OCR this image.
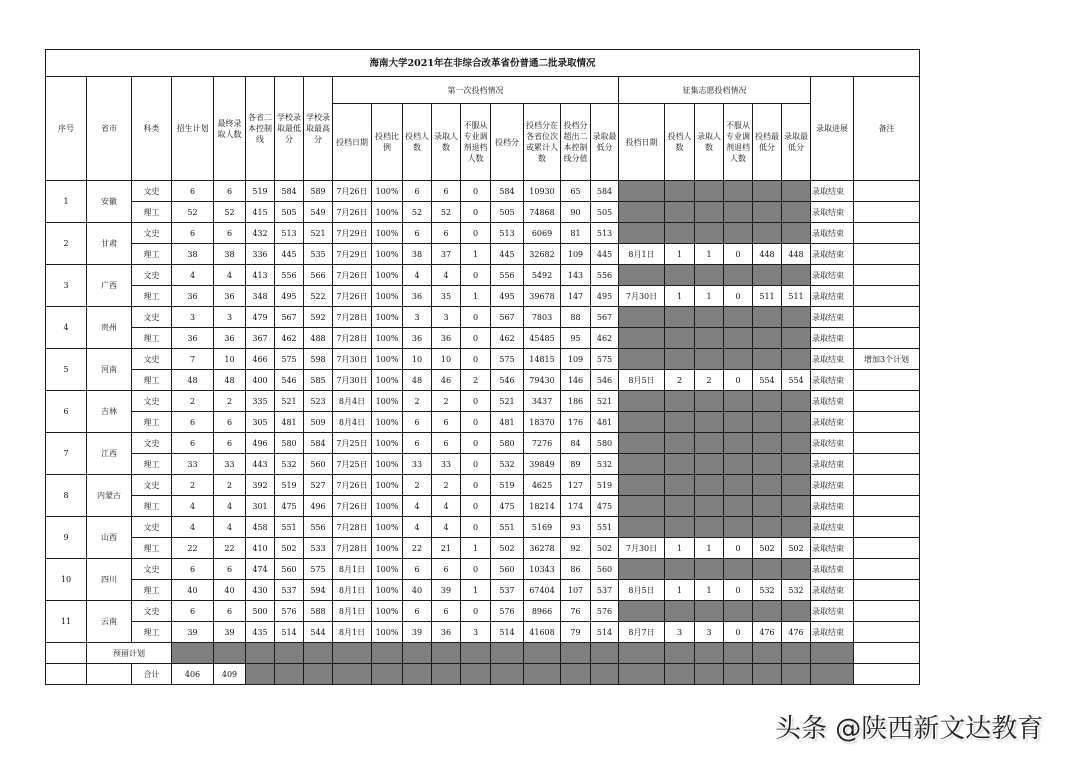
海南大学2021年在非综合改革省份普通二批录取情况																								
序号	省市	科类	招生计划	最终录取人数	各省二本控制线	学校录取最低分	学校录取最高分	第一次投档情况									征集志愿投档情况						录取进展	备注
								投档日期	投档比例	投档人数	录取人数	不服从专业调剂退档人数	投档分	投档分在各省位次或累计人数	投档分超出二本控制线分值	录取最低分	投档日期	投档人数	录取人数	不服从专业调剂退档人数	投档最低分	录取最低分		
1	安徽	文史	6	6	519	584	589	7月26日	100%	6	6	0	584	10930	65	584							录取结束	
		理工	52	52	415	505	549	7月26日	100%	52	52	0	505	74868	90	505							录取结束	
2	甘肃	文史	6	6	432	513	521	7月29日	100%	6	6	0	513	6069	81	513							录取结束	
		理工	38	38	336	445	535	7月29日	100%	38	37	1	445	32682	109	445	8月1日	1	1	0	448	448	录取结束	
3	广西	文史	4	4	413	556	566	7月26日	100%	4	4	0	556	5492	143	556							录取结束	
		理工	36	36	348	495	522	7月26日	100%	36	35	1	495	39678	147	495	7月30日	1	1	0	511	511	录取结束	
4	贵州	文史	3	3	479	567	592	7月28日	100%	3	3	0	567	7803	88	567							录取结束	
		理工	36	36	367	462	488	7月28日	100%	36	36	0	462	45485	95	462							录取结束	
5	河南	文史	7	10	466	575	598	7月30日	100%	10	10	0	575	14815	109	575							录取结束	增加3个计划
		理工	48	48	400	546	585	7月30日	100%	48	46	2	546	79430	146	546	8月5日	2	2	0	554	554	录取结束	
6	吉林	文史	2	2	335	521	523	8月4日	100%	2	2	0	521	3437	186	521							录取结束	
		理工	6	6	305	481	509	8月4日	100%	6	6	0	481	18370	176	481							录取结束	
7	江西	文史	6	6	496	580	584	7月25日	100%	6	6	0	580	7276	84	580							录取结束	
		理工	33	33	443	532	560	7月25日	100%	33	33	0	532	39849	89	532							录取结束	
8	内蒙古	文史	2	2	392	519	527	7月26日	100%	2	2	0	519	4625	127	519							录取结束	
		理工	4	4	301	475	496	7月26日	100%	4	4	0	475	18214	174	475							录取结束	
9	山西	文史	4	4	458	551	556	7月28日	100%	4	4	0	551	5169	93	551							录取结束	
		理工	22	22	410	502	533	7月28日	100%	22	21	1	502	36278	92	502	7月30日	1	1	0	502	502	录取结束	
10	四川	文史	6	6	474	560	575	8月1日	100%	6	6	0	560	10343	86	560							录取结束	
		理工	40	40	430	537	594	8月1日	100%	40	39	1	537	67404	107	537	8月5日	1	1	0	532	532	录取结束	
11	云南	文史	6	6	500	576	588	8月1日	100%	6	6	0	576	8966	76	576							录取结束	
		理工	39	39	435	514	544	8月1日	100%	39	36	3	514	41608	79	514	8月7日	3	3	0	476	476	录取结束	
	预留计划																							
		合计	406	409																				
头条 @陕西新文达教育
